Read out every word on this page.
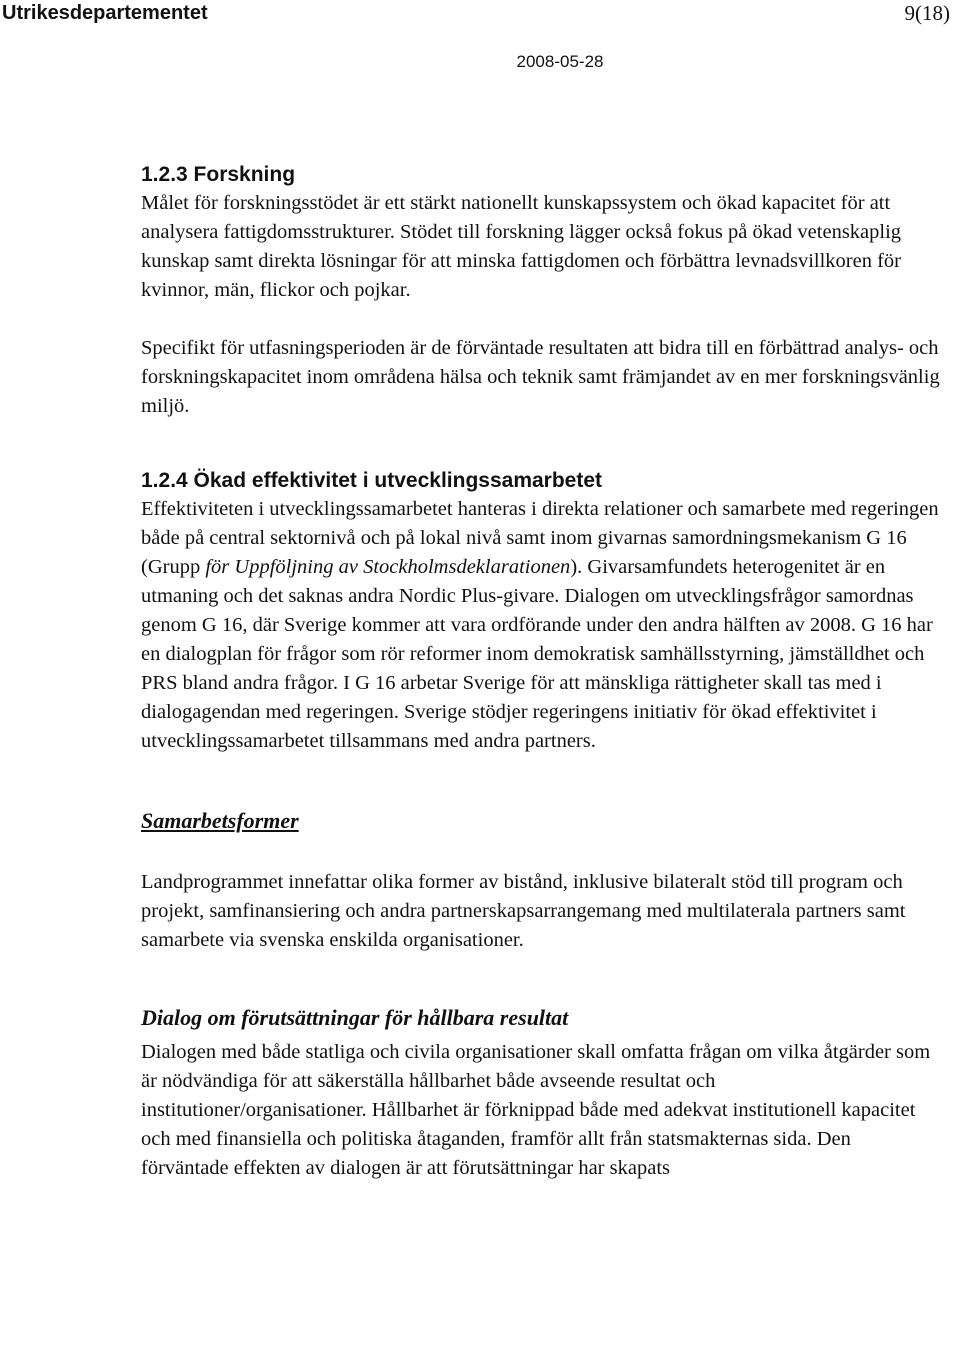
Utrikesdepartementet	9(18)
2008-05-28
1.2.3 Forskning

Målet för forskningsstödet är ett stärkt nationellt kunskapssystem och ökad kapacitet för att analysera fattigdomsstrukturer. Stödet till forskning lägger också fokus på ökad vetenskaplig kunskap samt direkta lösningar för att minska fattigdomen och förbättra levnadsvillkoren för kvinnor, män, flickor och pojkar.

Specifikt för utfasningsperioden är de förväntade resultaten att bidra till en förbättrad analys- och forskningskapacitet inom områdena hälsa och teknik samt främjandet av en mer forskningsvänlig miljö.

1.2.4 Ökad effektivitet i utvecklingssamarbetet

Effektiviteten i utvecklingssamarbetet hanteras i direkta relationer och samarbete med regeringen både på central sektornivå och på lokal nivå samt inom givarnas samordningsmekanism G 16 (Grupp för Uppföljning av Stockholmsdeklarationen). Givarsamfundets heterogenitet är en utmaning och det saknas andra Nordic Plus-givare. Dialogen om utvecklingsfrågor samordnas genom G 16, där Sverige kommer att vara ordförande under den andra hälften av 2008. G 16 har en dialogplan för frågor som rör reformer inom demokratisk samhällsstyrning, jämställdhet och PRS bland andra frågor. I G 16 arbetar Sverige för att mänskliga rättigheter skall tas med i dialogagendan med regeringen. Sverige stödjer regeringens initiativ för ökad effektivitet i utvecklingssamarbetet tillsammans med andra partners.

Samarbetsformer

Landprogrammet innefattar olika former av bistånd, inklusive bilateralt stöd till program och projekt, samfinansiering och andra partnerskapsarrangemang med multilaterala partners samt samarbete via svenska enskilda organisationer.

Dialog om förutsättningar för hållbara resultat

Dialogen med både statliga och civila organisationer skall omfatta frågan om vilka åtgärder som är nödvändiga för att säkerställa hållbarhet både avseende resultat och institutioner/organisationer. Hållbarhet är förknippad både med adekvat institutionell kapacitet och med finansiella och politiska åtaganden, framför allt från statsmakternas sida. Den förväntade effekten av dialogen är att förutsättningar har skapats
